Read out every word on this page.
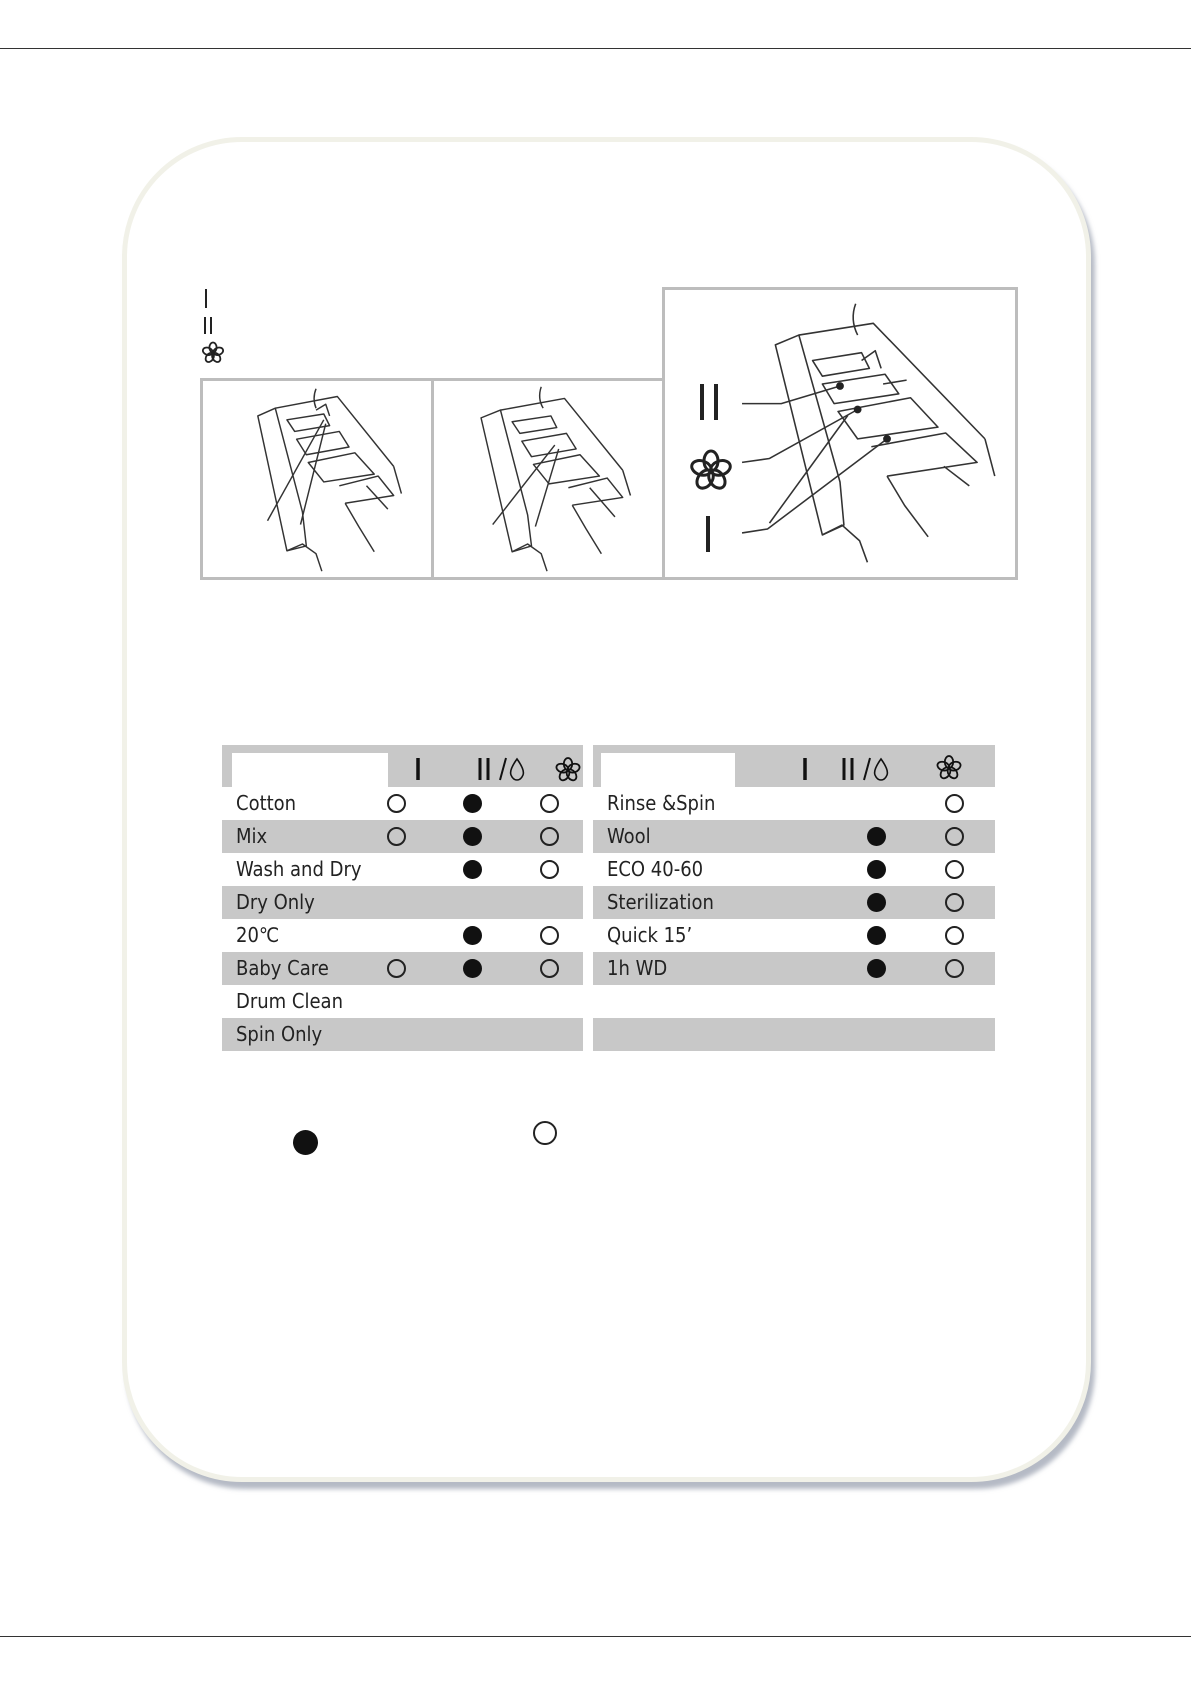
Cotton
Mix
Wash and Dry
Dry Only
20℃
Baby Care
Drum Clean
Spin Only
Rinse &Spin
Wool
ECO 40-60
Sterilization
Quick 15’
1h WD
